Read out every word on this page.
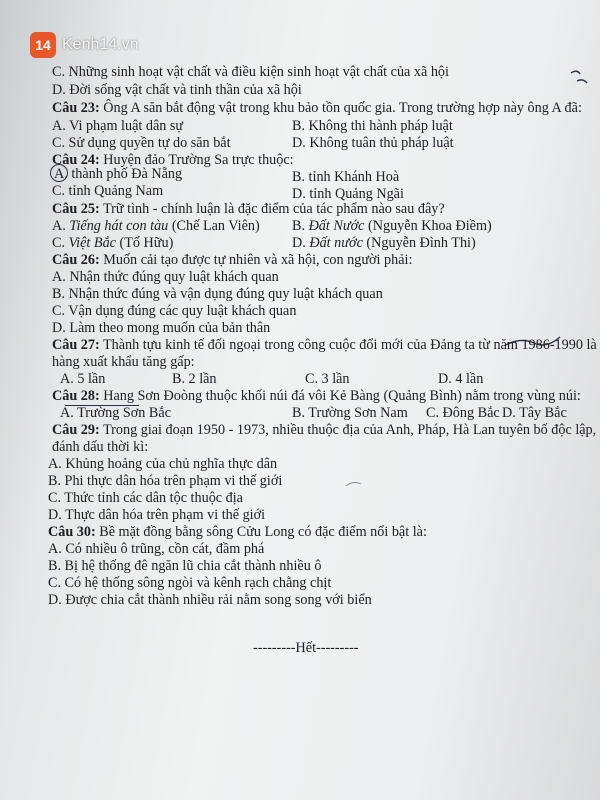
14 Kenh14.vn
C. Những sinh hoạt vật chất và điều kiện sinh hoạt vật chất của xã hội
D. Đời sống vật chất và tinh thần của xã hội
Câu 23: Ông A săn bắt động vật trong khu bảo tồn quốc gia. Trong trường hợp này ông A đã:
A. Vi phạm luật dân sự	B. Không thi hành pháp luật
C. Sử dụng quyền tự do săn bắt	D. Không tuân thủ pháp luật
Câu 24: Huyện đảo Trường Sa trực thuộc:
A. thành phố Đà Nẵng	B. tỉnh Khánh Hoà
C. tỉnh Quảng Nam	D. tỉnh Quảng Ngãi
Câu 25: Trữ tình - chính luận là đặc điểm của tác phẩm nào sau đây?
A. Tiếng hát con tàu (Chế Lan Viên) B. Đất Nước (Nguyễn Khoa Điềm)
C. Việt Bắc (Tố Hữu)	D. Đất nước (Nguyễn Đình Thi)
Câu 26: Muốn cải tạo được tự nhiên và xã hội, con người phải:
A. Nhận thức đúng quy luật khách quan
B. Nhận thức đúng và vận dụng đúng quy luật khách quan
C. Vận dụng đúng các quy luật khách quan
D. Làm theo mong muốn của bản thân
Câu 27: Thành tựu kinh tế đối ngoại trong công cuộc đổi mới của Đảng ta từ năm 1986-1990 là
hàng xuất khẩu tăng gấp:
A. 5 lần	B. 2 lần	C. 3 lần	D. 4 lần
Câu 28: Hang Sơn Đoòng thuộc khối núi đá vôi Kẻ Bàng (Quảng Bình) nằm trong vùng núi:
A. Trường Sơn Bắc	B. Trường Sơn Nam C. Đông Bắc D. Tây Bắc
Câu 29: Trong giai đoạn 1950 - 1973, nhiều thuộc địa của Anh, Pháp, Hà Lan tuyên bố độc lập,
đánh dấu thời kì:
A. Khủng hoảng của chủ nghĩa thực dân
B. Phi thực dân hóa trên phạm vi thế giới
C. Thức tỉnh các dân tộc thuộc địa
D. Thực dân hóa trên phạm vi thế giới
Câu 30: Bề mặt đồng bằng sông Cửu Long có đặc điểm nổi bật là:
A. Có nhiều ô trũng, cồn cát, đầm phá
B. Bị hệ thống đê ngăn lũ chia cắt thành nhiều ô
C. Có hệ thống sông ngòi và kênh rạch chằng chịt
D. Được chia cắt thành nhiều rải nằm song song với biển
---------Hết---------
